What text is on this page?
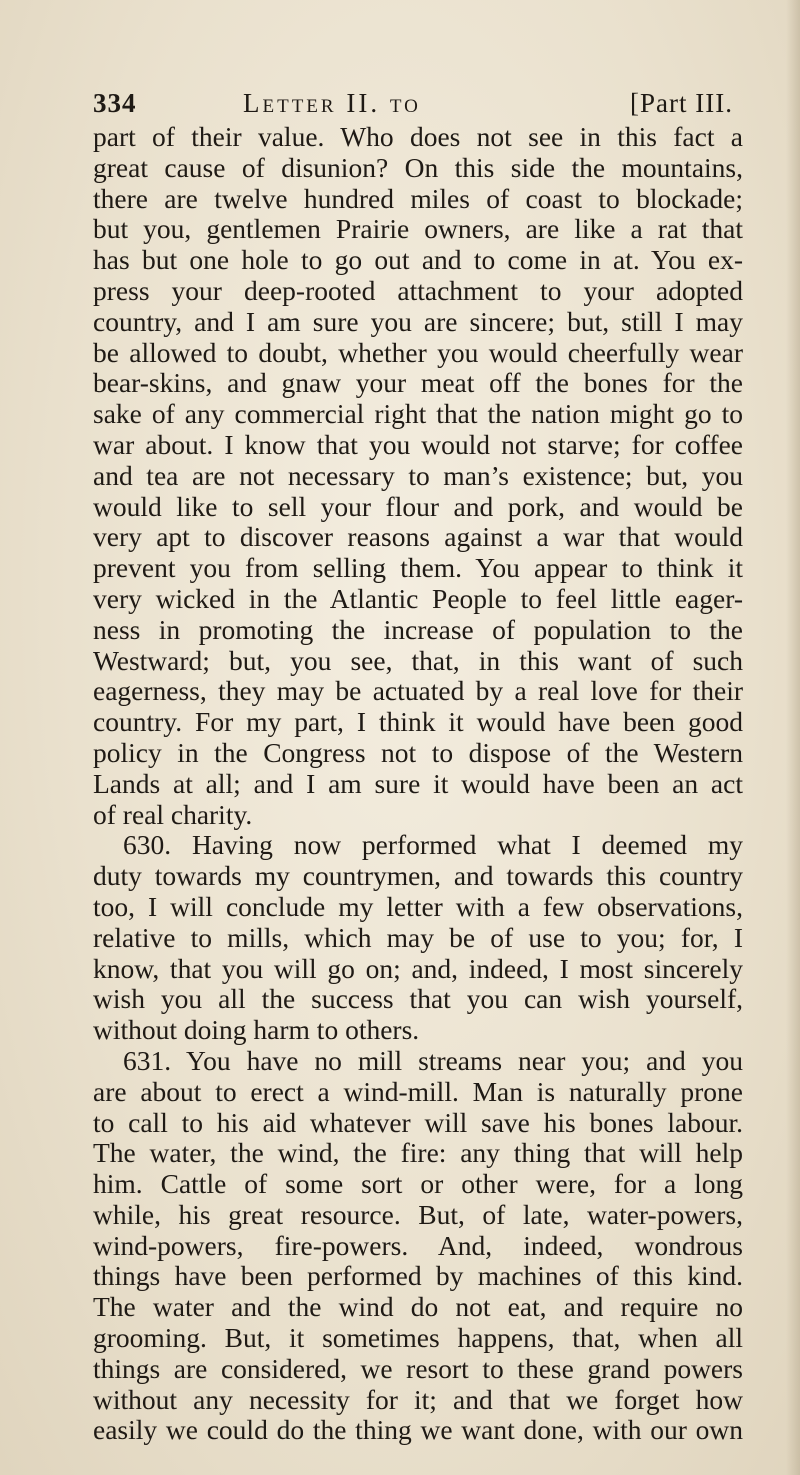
334	Letter II. to	[Part III.
part of their value. Who does not see in this fact a
great cause of disunion? On this side the mountains,
there are twelve hundred miles of coast to blockade;
but you, gentlemen Prairie owners, are like a rat that
has but one hole to go out and to come in at. You ex-
press your deep-rooted attachment to your adopted
country, and I am sure you are sincere; but, still I may
be allowed to doubt, whether you would cheerfully wear
bear-skins, and gnaw your meat off the bones for the
sake of any commercial right that the nation might go to
war about. I know that you would not starve; for coffee
and tea are not necessary to man’s existence; but, you
would like to sell your flour and pork, and would be
very apt to discover reasons against a war that would
prevent you from selling them. You appear to think it
very wicked in the Atlantic People to feel little eager-
ness in promoting the increase of population to the
Westward; but, you see, that, in this want of such
eagerness, they may be actuated by a real love for their
country. For my part, I think it would have been good
policy in the Congress not to dispose of the Western
Lands at all; and I am sure it would have been an act
of real charity.
630. Having now performed what I deemed my
duty towards my countrymen, and towards this country
too, I will conclude my letter with a few observations,
relative to mills, which may be of use to you; for, I
know, that you will go on; and, indeed, I most sincerely
wish you all the success that you can wish yourself,
without doing harm to others.
631. You have no mill streams near you; and you
are about to erect a wind-mill. Man is naturally prone
to call to his aid whatever will save his bones labour.
The water, the wind, the fire: any thing that will help
him. Cattle of some sort or other were, for a long
while, his great resource. But, of late, water-powers,
wind-powers, fire-powers. And, indeed, wondrous
things have been performed by machines of this kind.
The water and the wind do not eat, and require no
grooming. But, it sometimes happens, that, when all
things are considered, we resort to these grand powers
without any necessity for it; and that we forget how
easily we could do the thing we want done, with our own
